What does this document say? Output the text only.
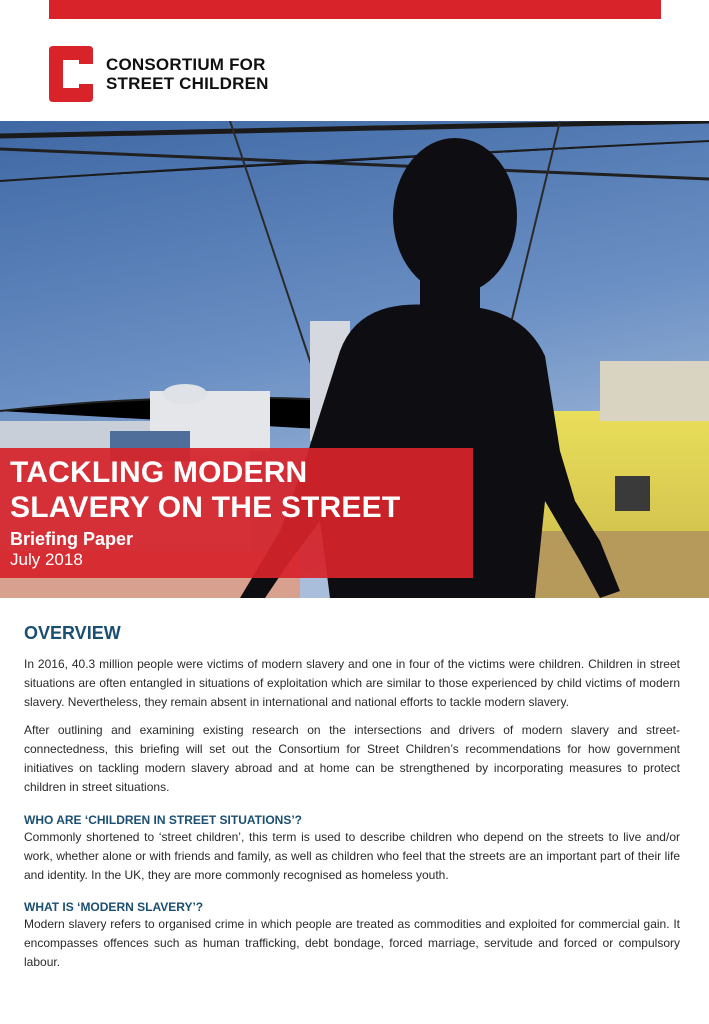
CONSORTIUM FOR
STREET CHILDREN
TACKLING MODERN
SLAVERY ON THE STREET
Briefing Paper
July 2018
OVERVIEW

In 2016, 40.3 million people were victims of modern slavery and one in four of the victims were children. Children in street situations are often entangled in situations of exploitation which are similar to those experienced by child victims of modern slavery. Nevertheless, they remain absent in international and national efforts to tackle modern slavery.

After outlining and examining existing research on the intersections and drivers of modern slavery and street-connectedness, this briefing will set out the Consortium for Street Children’s recommendations for how government initiatives on tackling modern slavery abroad and at home can be strengthened by incorporating measures to protect children in street situations.

WHO ARE ‘CHILDREN IN STREET SITUATIONS’?

Commonly shortened to ‘street children’, this term is used to describe children who depend on the streets to live and/or work, whether alone or with friends and family, as well as children who feel that the streets are an important part of their life and identity. In the UK, they are more commonly recognised as homeless youth.

WHAT IS ‘MODERN SLAVERY’?

Modern slavery refers to organised crime in which people are treated as commodities and exploited for commercial gain. It encompasses offences such as human trafficking, debt bondage, forced marriage, servitude and forced or compulsory labour.
